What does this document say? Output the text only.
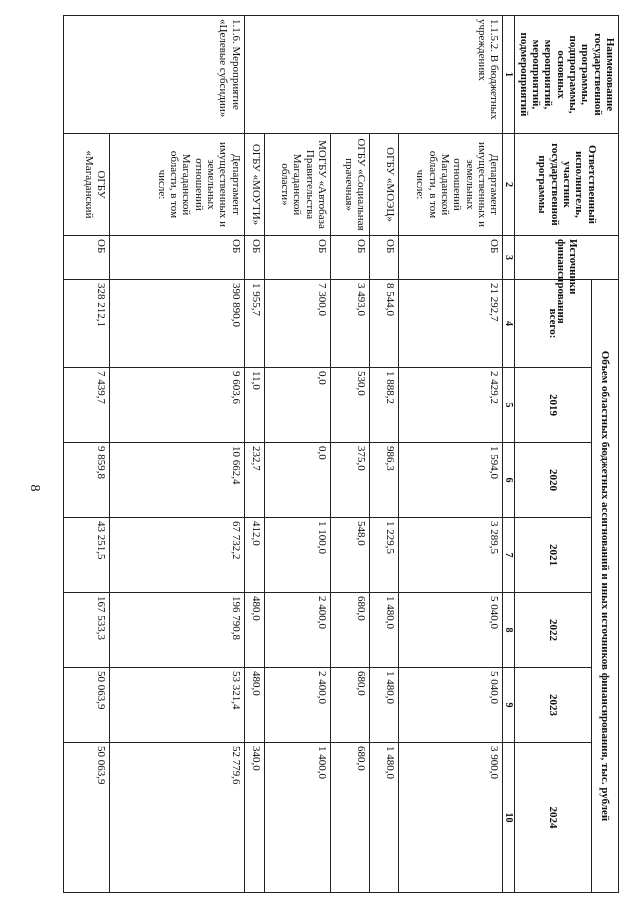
8
Наименование государственной программы, подпрограммы, основных мероприятий, мероприятий, подмероприятий	Ответственный исполнитель, участник государственной программы	Источники финансирования	Объем областных бюджетных ассигнований и иных источников финансирования, тыс. рублей						
			всего:	2019	2020	2021	2022	2023	2024
1	2	3	4	5	6	7	8	9	10
1.1.5.2. В бюджетных учреждениях	Департамент имущественных и земельных отношений Магаданской области, в том числе:	ОБ	21 292,7	2 429,2	1 594,0	3 289,5	5 040,0	5 040,0	3 900,0
	ОГБУ «МОЭЦ»	ОБ	8 544,0	1 888,2	986,3	1 229,5	1 480,0	1 480,0	1 480,0
	ОГБУ «Социальная прачечная»	ОБ	3 493,0	530,0	375,0	548,0	680,0	680,0	680,0
	МОГБУ «Автобаза Правительства Магаданской области»	ОБ	7 300,0	0,0	0,0	1 100,0	2 400,0	2 400,0	1 400,0
	ОГБУ «МОУТИ»	ОБ	1 955,7	11,0	232,7	412,0	480,0	480,0	340,0
1.1.6. Мероприятие «Целевые субсидии»	Департамент имущественных и земельных отношений Магаданской области, в том числе:	ОБ	390 890,0	9 603,6	10 662,4	67 732,2	196 790,8	53 321,4	52 779,6
	ОГБУ «Магаданский	ОБ	328 212,1	7 439,7	9 859,8	43 251,5	167 533,3	50 063,9	50 063,9
